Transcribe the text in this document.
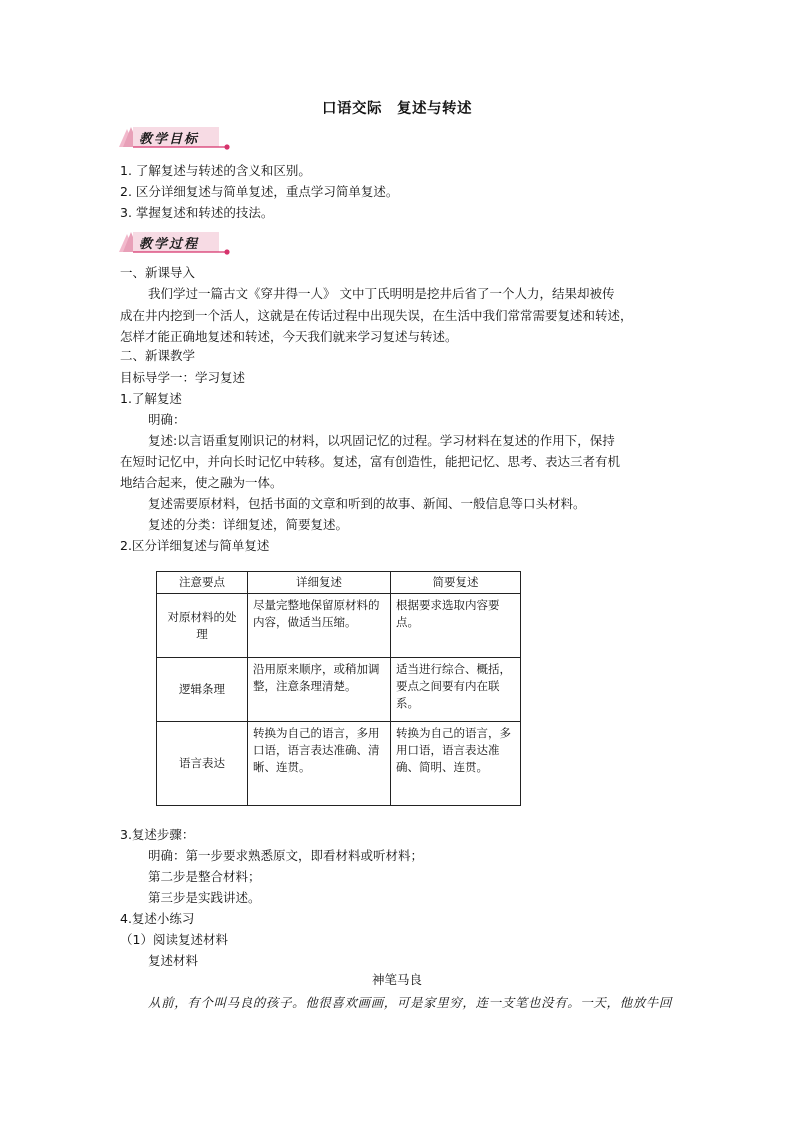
口语交际　复述与转述
教学目标
1. 了解复述与转述的含义和区别。
2. 区分详细复述与简单复述，重点学习简单复述。
3. 掌握复述和转述的技法。
教学过程
一、新课导入
我们学过一篇古文《穿井得一人》 文中丁氏明明是挖井后省了一个人力，结果却被传
成在井内挖到一个活人，这就是在传话过程中出现失误，在生活中我们常常需要复述和转述，
怎样才能正确地复述和转述，今天我们就来学习复述与转述。
二、新课教学
目标导学一：学习复述
1.了解复述
明确：
复述:以言语重复刚识记的材料，以巩固记忆的过程。学习材料在复述的作用下，保持
在短时记忆中，并向长时记忆中转移。复述，富有创造性，能把记忆、思考、表达三者有机
地结合起来，使之融为一体。
复述需要原材料，包括书面的文章和听到的故事、新闻、一般信息等口头材料。
复述的分类：详细复述，简要复述。
2.区分详细复述与简单复述
注意要点	详细复述	简要复述
对原材料的处理	尽量完整地保留原材料的内容，做适当压缩。	根据要求选取内容要点。
逻辑条理	沿用原来顺序，或稍加调整，注意条理清楚。	适当进行综合、概括，要点之间要有内在联系。
语言表达	转换为自己的语言，多用口语，语言表达准确、清晰、连贯。	转换为自己的语言，多用口语，语言表达准确、简明、连贯。
3.复述步骤：
明确：第一步要求熟悉原文，即看材料或听材料；
第二步是整合材料；
第三步是实践讲述。
4.复述小练习
（1）阅读复述材料
复述材料
神笔马良
从前，有个叫马良的孩子。他很喜欢画画，可是家里穷，连一支笔也没有。一天，他放牛回
